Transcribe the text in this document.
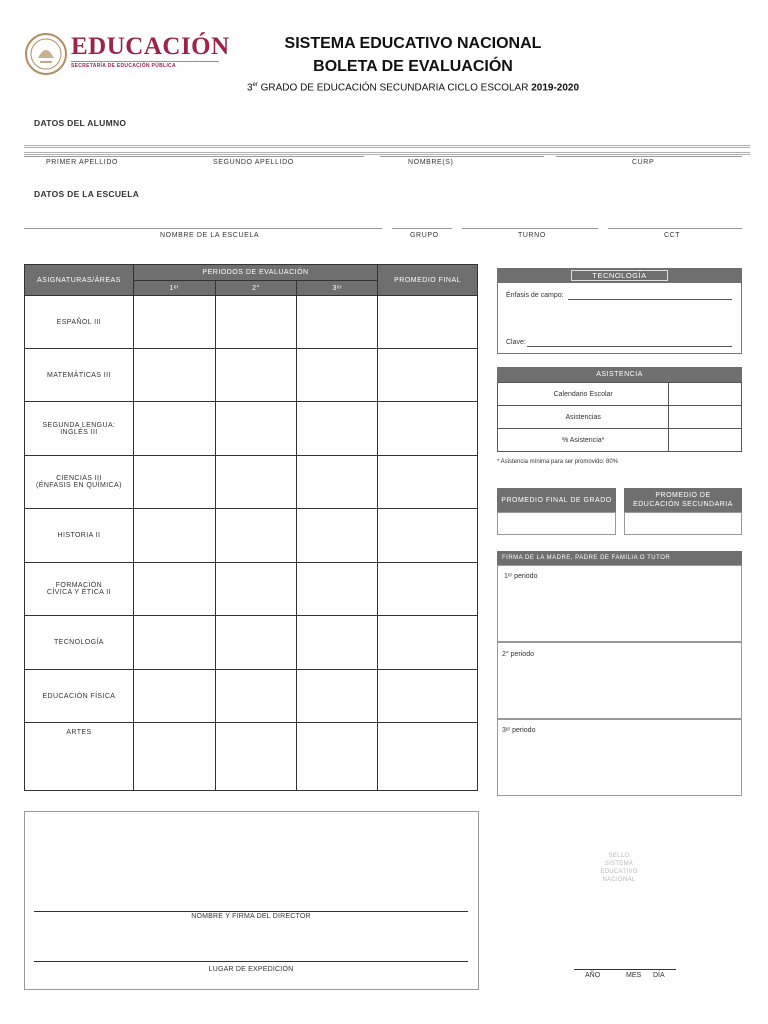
EDUCACIÓN
SECRETARÍA DE EDUCACIÓN PÚBLICA
SISTEMA EDUCATIVO NACIONAL
BOLETA DE EVALUACIÓN
3er GRADO DE EDUCACIÓN SECUNDARIA CICLO ESCOLAR 2019-2020
DATOS DEL ALUMNO
PRIMER APELLIDO	SEGUNDO APELLIDO	NOMBRE(S)	CURP
DATOS DE LA ESCUELA
NOMBRE DE LA ESCUELA	GRUPO	TURNO	CCT
ASIGNATURAS/ÁREAS	PERIODOS DE EVALUACIÓN			PROMEDIO FINAL
	1ᵉʳ	2°	3ᵉʳ	

ESPAÑOL III				

MATEMÁTICAS III				

SEGUNDA LENGUA:
INGLÉS III				

CIENCIAS III
(ÉNFASIS EN QUÍMICA)				

HISTORIA II				

FORMACIÓN
CÍVICA Y ÉTICA II				

TECNOLOGÍA				

EDUCACIÓN FÍSICA				

ARTES				

TECNOLOGÍA
Énfasis de campo:
Clave:
ASISTENCIA
Calendario Escolar	
Asistencias	
% Asistencia*	
* Asistencia mínima para ser promovido: 80%
PROMEDIO FINAL DE GRADO
PROMEDIO DE EDUCACIÓN SECUNDARIA
FIRMA DE LA MADRE, PADRE DE FAMILIA O TUTOR
1ᵉʳ periodo
2° periodo
3ᵉʳ periodo
NOMBRE Y FIRMA DEL DIRECTOR
LUGAR DE EXPEDICIÓN
SELLO
SISTEMA
EDUCATIVO
NACIONAL
AÑO	MES DÍA
